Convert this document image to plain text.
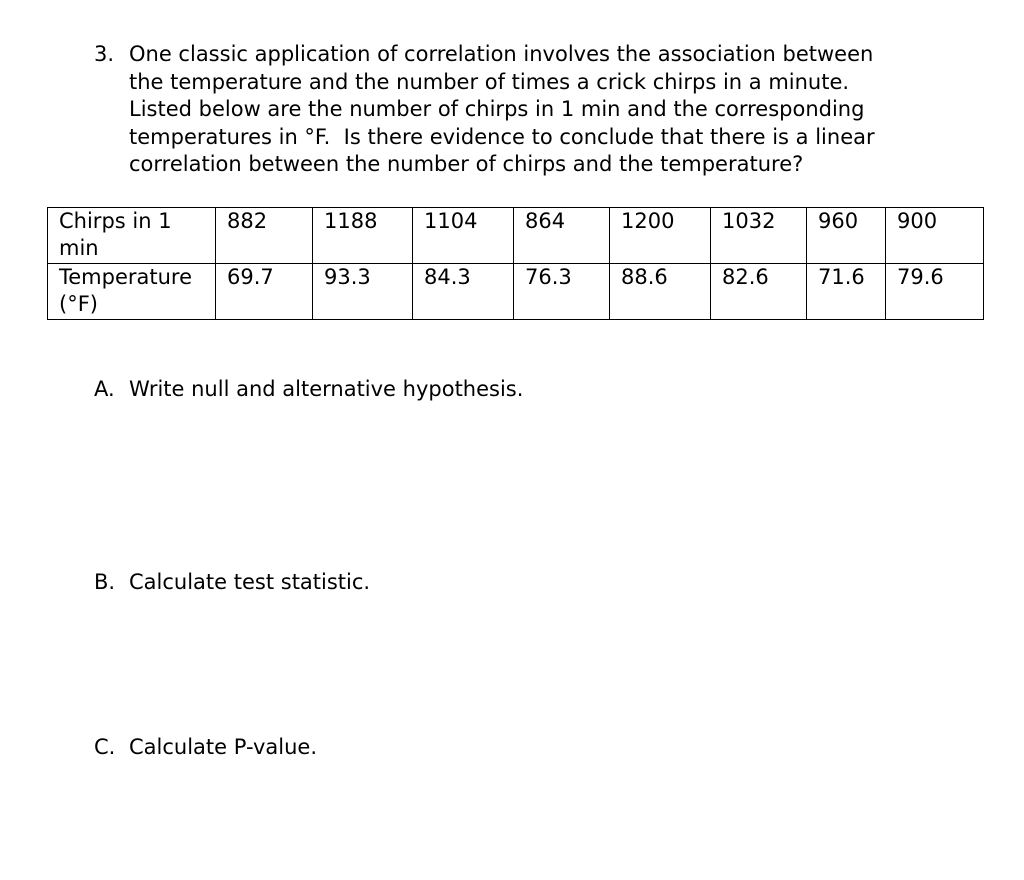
3. One classic application of correlation involves the association between
the temperature and the number of times a crick chirps in a minute.
Listed below are the number of chirps in 1 min and the corresponding
temperatures in °F.  Is there evidence to conclude that there is a linear
correlation between the number of chirps and the temperature?
Chirps in 1
min	882	1188	1104	864	1200	1032	960	900

Temperature
(°F)	69.7	93.3	84.3	76.3	88.6	82.6	71.6	79.6
A. Write null and alternative hypothesis.
B. Calculate test statistic.
C. Calculate P-value.
